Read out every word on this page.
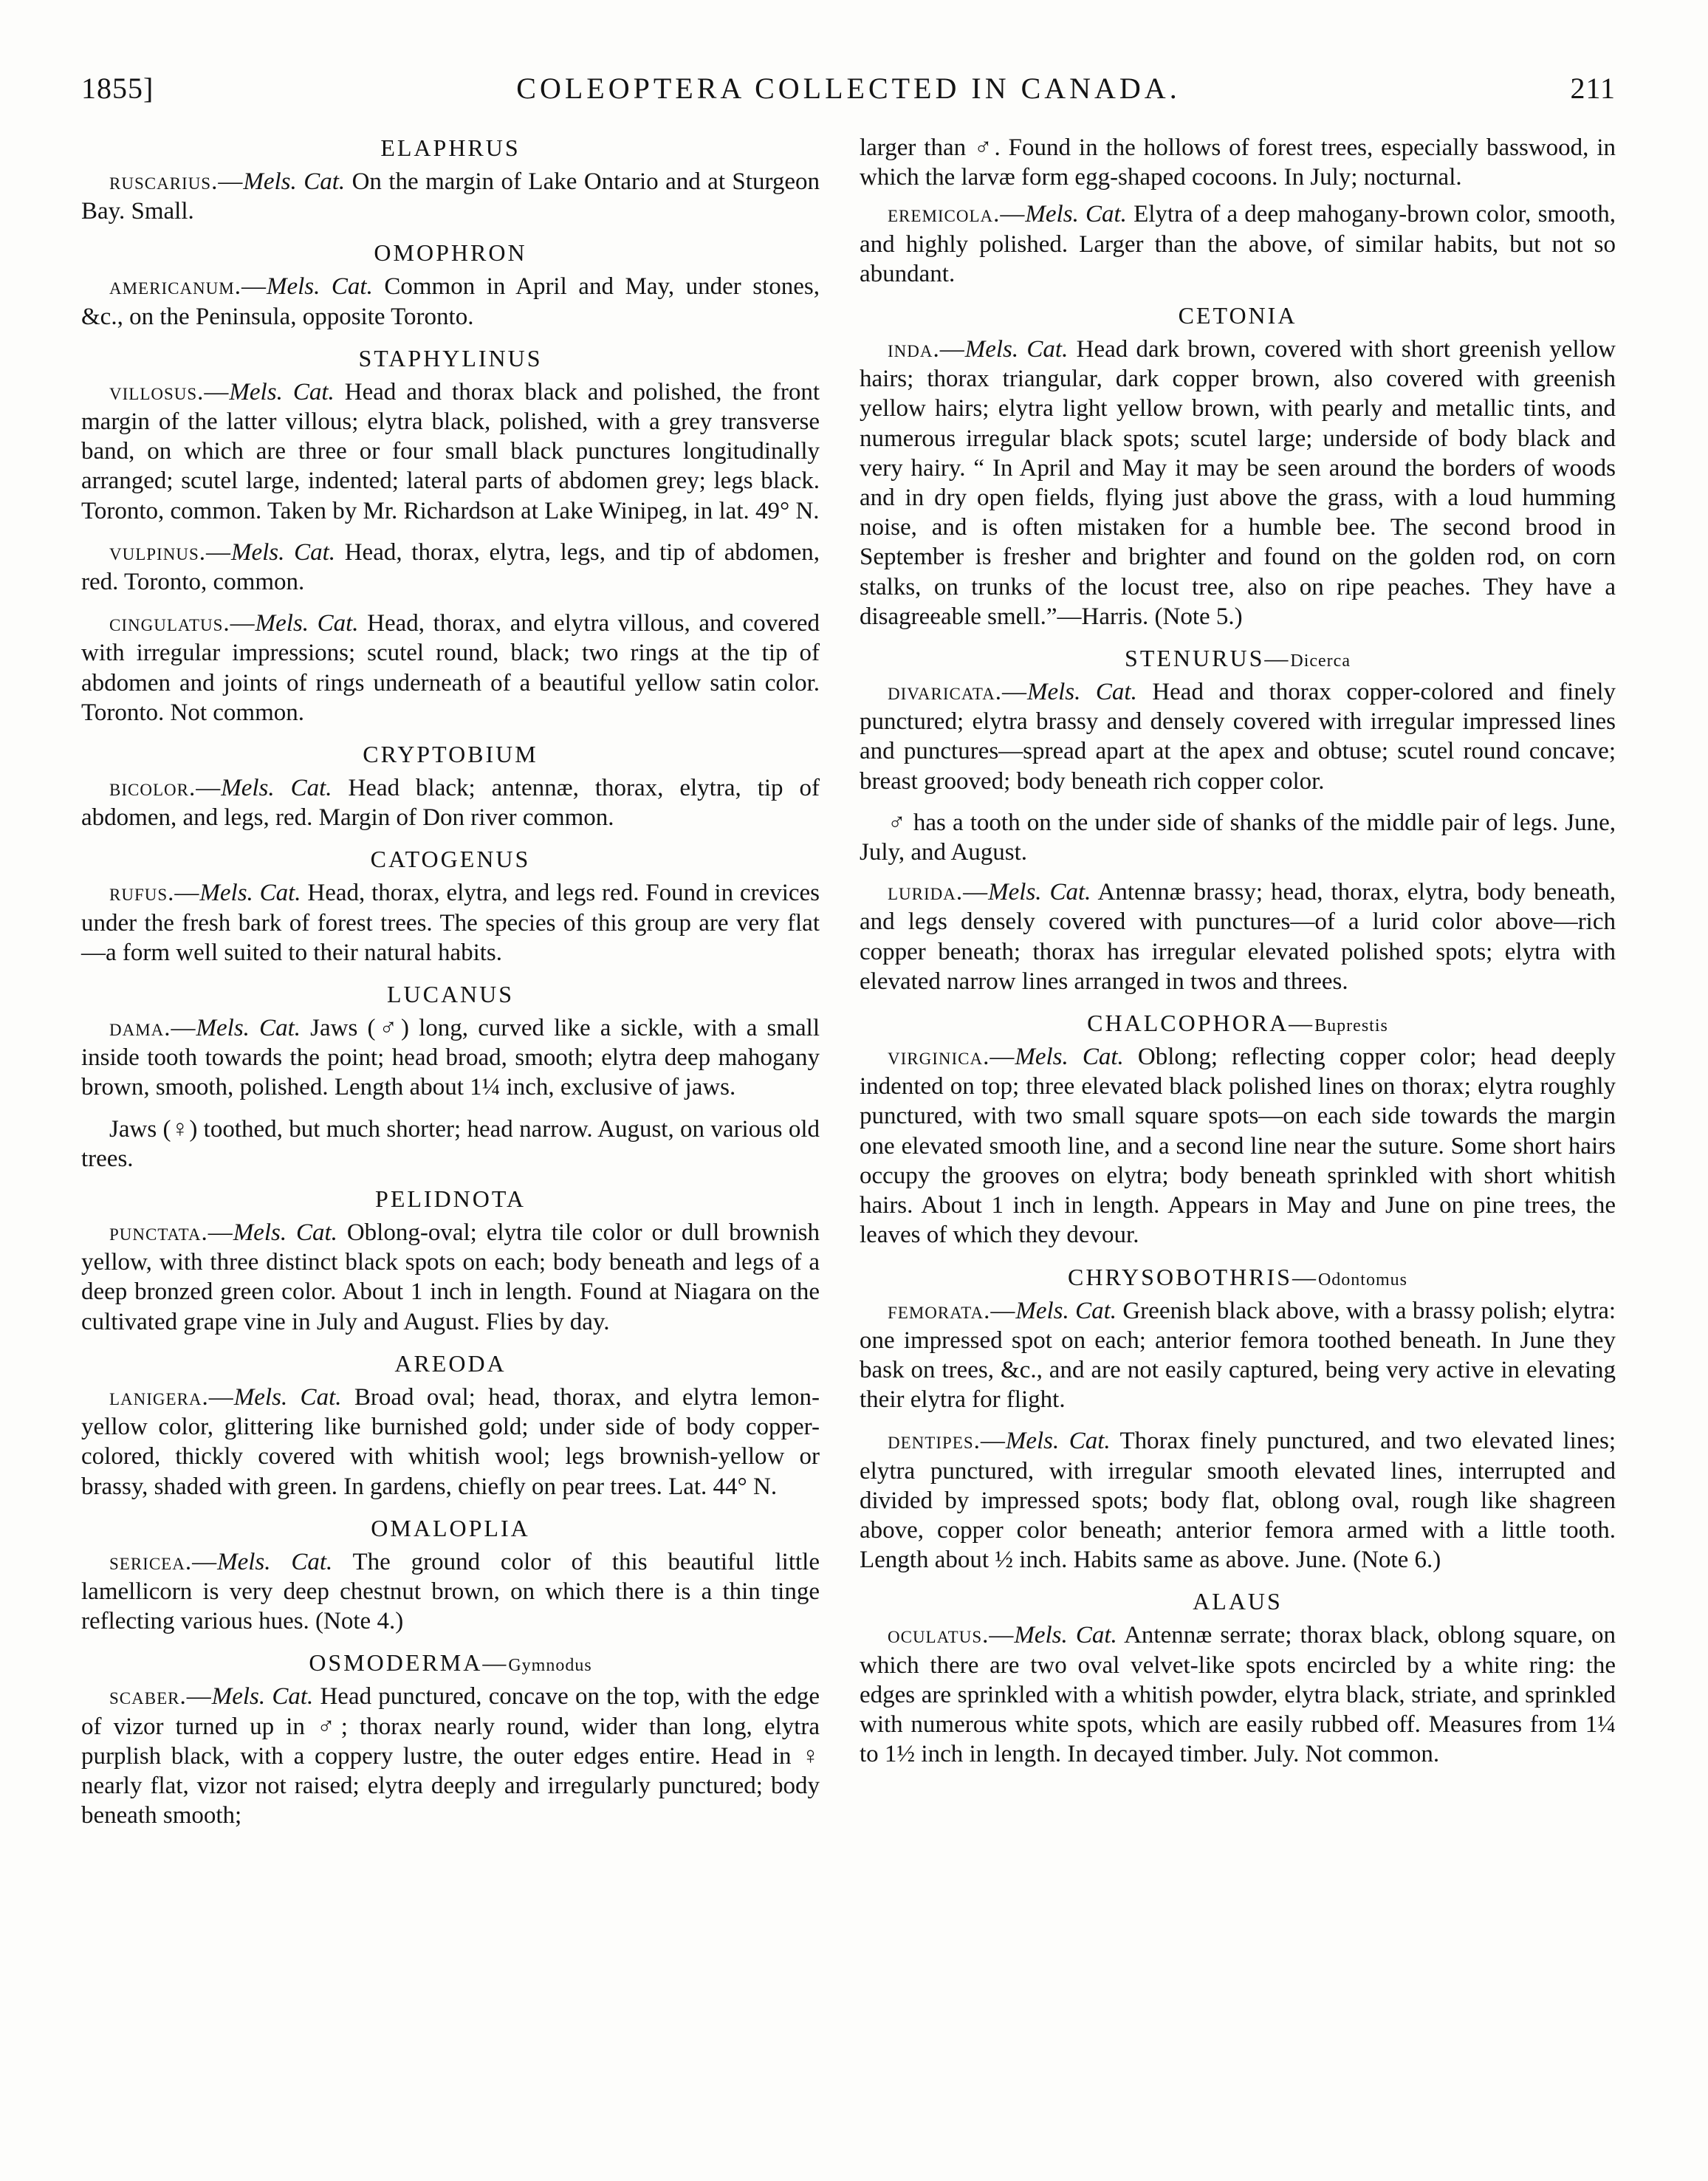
1855]	COLEOPTERA COLLECTED IN CANADA.	211
ELAPHRUS

ruscarius.—Mels. Cat. On the margin of Lake Ontario and at Sturgeon Bay. Small.

OMOPHRON

americanum.—Mels. Cat. Common in April and May, under stones, &c., on the Peninsula, opposite Toronto.

STAPHYLINUS

villosus.—Mels. Cat. Head and thorax black and polished, the front margin of the latter villous; elytra black, polished, with a grey transverse band, on which are three or four small black punctures longitudinally arranged; scutel large, indented; lateral parts of abdomen grey; legs black. Toronto, common. Taken by Mr. Richardson at Lake Winipeg, in lat. 49° N.

vulpinus.—Mels. Cat. Head, thorax, elytra, legs, and tip of abdomen, red. Toronto, common.

cingulatus.—Mels. Cat. Head, thorax, and elytra villous, and covered with irregular impressions; scutel round, black; two rings at the tip of abdomen and joints of rings underneath of a beautiful yellow satin color. Toronto. Not common.

CRYPTOBIUM

bicolor.—Mels. Cat. Head black; antennæ, thorax, elytra, tip of abdomen, and legs, red. Margin of Don river common.

CATOGENUS

rufus.—Mels. Cat. Head, thorax, elytra, and legs red. Found in crevices under the fresh bark of forest trees. The species of this group are very flat—a form well suited to their natural habits.

LUCANUS

dama.—Mels. Cat. Jaws (♂) long, curved like a sickle, with a small inside tooth towards the point; head broad, smooth; elytra deep mahogany brown, smooth, polished. Length about 1¼ inch, exclusive of jaws.

Jaws (♀) toothed, but much shorter; head narrow. August, on various old trees.

PELIDNOTA

punctata.—Mels. Cat. Oblong-oval; elytra tile color or dull brownish yellow, with three distinct black spots on each; body beneath and legs of a deep bronzed green color. About 1 inch in length. Found at Niagara on the cultivated grape vine in July and August. Flies by day.

AREODA

lanigera.—Mels. Cat. Broad oval; head, thorax, and elytra lemon-yellow color, glittering like burnished gold; under side of body copper-colored, thickly covered with whitish wool; legs brownish-yellow or brassy, shaded with green. In gardens, chiefly on pear trees. Lat. 44° N.

OMALOPLIA

sericea.—Mels. Cat. The ground color of this beautiful little lamellicorn is very deep chestnut brown, on which there is a thin tinge reflecting various hues. (Note 4.)

OSMODERMA—Gymnodus

scaber.—Mels. Cat. Head punctured, concave on the top, with the edge of vizor turned up in ♂; thorax nearly round, wider than long, elytra purplish black, with a coppery lustre, the outer edges entire. Head in ♀ nearly flat, vizor not raised; elytra deeply and irregularly punctured; body beneath smooth;

larger than ♂. Found in the hollows of forest trees, especially basswood, in which the larvæ form egg-shaped cocoons. In July; nocturnal.

eremicola.—Mels. Cat. Elytra of a deep mahogany-brown color, smooth, and highly polished. Larger than the above, of similar habits, but not so abundant.

CETONIA

inda.—Mels. Cat. Head dark brown, covered with short greenish yellow hairs; thorax triangular, dark copper brown, also covered with greenish yellow hairs; elytra light yellow brown, with pearly and metallic tints, and numerous irregular black spots; scutel large; underside of body black and very hairy. “ In April and May it may be seen around the borders of woods and in dry open fields, flying just above the grass, with a loud humming noise, and is often mistaken for a humble bee. The second brood in September is fresher and brighter and found on the golden rod, on corn stalks, on trunks of the locust tree, also on ripe peaches. They have a disagreeable smell.”—Harris. (Note 5.)

STENURUS—Dicerca

divaricata.—Mels. Cat. Head and thorax copper-colored and finely punctured; elytra brassy and densely covered with irregular impressed lines and punctures—spread apart at the apex and obtuse; scutel round concave; breast grooved; body beneath rich copper color.

♂ has a tooth on the under side of shanks of the middle pair of legs. June, July, and August.

lurida.—Mels. Cat. Antennæ brassy; head, thorax, elytra, body beneath, and legs densely covered with punctures—of a lurid color above—rich copper beneath; thorax has irregular elevated polished spots; elytra with elevated narrow lines arranged in twos and threes.

CHALCOPHORA—Buprestis

virginica.—Mels. Cat. Oblong; reflecting copper color; head deeply indented on top; three elevated black polished lines on thorax; elytra roughly punctured, with two small square spots—on each side towards the margin one elevated smooth line, and a second line near the suture. Some short hairs occupy the grooves on elytra; body beneath sprinkled with short whitish hairs. About 1 inch in length. Appears in May and June on pine trees, the leaves of which they devour.

CHRYSOBOTHRIS—Odontomus

femorata.—Mels. Cat. Greenish black above, with a brassy polish; elytra: one impressed spot on each; anterior femora toothed beneath. In June they bask on trees, &c., and are not easily captured, being very active in elevating their elytra for flight.

dentipes.—Mels. Cat. Thorax finely punctured, and two elevated lines; elytra punctured, with irregular smooth elevated lines, interrupted and divided by impressed spots; body flat, oblong oval, rough like shagreen above, copper color beneath; anterior femora armed with a little tooth. Length about ½ inch. Habits same as above. June. (Note 6.)

ALAUS

oculatus.—Mels. Cat. Antennæ serrate; thorax black, oblong square, on which there are two oval velvet-like spots encircled by a white ring: the edges are sprinkled with a whitish powder, elytra black, striate, and sprinkled with numerous white spots, which are easily rubbed off. Measures from 1¼ to 1½ inch in length. In decayed timber. July. Not common.
